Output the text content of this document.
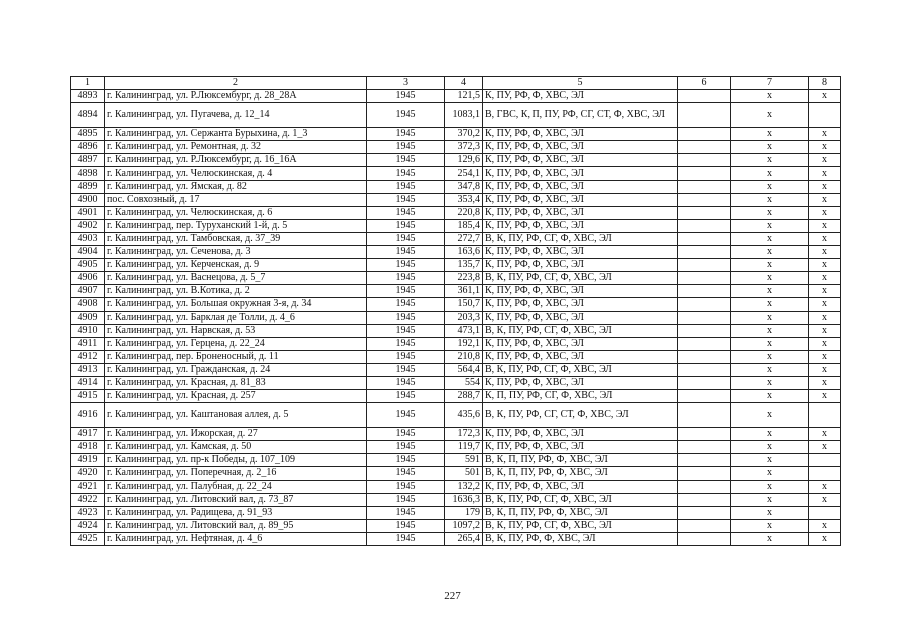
1	2	3	4	5	6	7	8
4893	г. Калининград, ул. Р.Люксембург, д. 28_28А	1945	121,5	К, ПУ, РФ, Ф, ХВС, ЭЛ		х	х
4894	г. Калининград, ул. Пугачева, д. 12_14	1945	1083,1	В, ГВС, К, П, ПУ, РФ, СГ, СТ, Ф, ХВС, ЭЛ		х	
4895	г. Калининград, ул. Сержанта Бурыхина, д. 1_3	1945	370,2	К, ПУ, РФ, Ф, ХВС, ЭЛ		х	х
4896	г. Калининград, ул. Ремонтная, д. 32	1945	372,3	К, ПУ, РФ, Ф, ХВС, ЭЛ		х	х
4897	г. Калининград, ул. Р.Люксембург, д. 16_16А	1945	129,6	К, ПУ, РФ, Ф, ХВС, ЭЛ		х	х
4898	г. Калининград, ул. Челюскинская, д. 4	1945	254,1	К, ПУ, РФ, Ф, ХВС, ЭЛ		х	х
4899	г. Калининград, ул. Ямская, д. 82	1945	347,8	К, ПУ, РФ, Ф, ХВС, ЭЛ		х	х
4900	пос. Совхозный, д. 17	1945	353,4	К, ПУ, РФ, Ф, ХВС, ЭЛ		х	х
4901	г. Калининград, ул. Челюскинская, д. 6	1945	220,8	К, ПУ, РФ, Ф, ХВС, ЭЛ		х	х
4902	г. Калининград, пер. Туруханский 1-й, д. 5	1945	185,4	К, ПУ, РФ, Ф, ХВС, ЭЛ		х	х
4903	г. Калининград, ул. Тамбовская, д. 37_39	1945	272,7	В, К, ПУ, РФ, СГ, Ф, ХВС, ЭЛ		х	х
4904	г. Калининград, ул. Сеченова, д. 3	1945	163,6	К, ПУ, РФ, Ф, ХВС, ЭЛ		х	х
4905	г. Калининград, ул. Керченская, д. 9	1945	135,7	К, ПУ, РФ, Ф, ХВС, ЭЛ		х	х
4906	г. Калининград, ул. Васнецова, д. 5_7	1945	223,8	В, К, ПУ, РФ, СГ, Ф, ХВС, ЭЛ		х	х
4907	г. Калининград, ул. В.Котика, д. 2	1945	361,1	К, ПУ, РФ, Ф, ХВС, ЭЛ		х	х
4908	г. Калининград, ул. Большая окружная 3-я, д. 34	1945	150,7	К, ПУ, РФ, Ф, ХВС, ЭЛ		х	х
4909	г. Калининград, ул. Барклая де Толли, д. 4_6	1945	203,3	К, ПУ, РФ, Ф, ХВС, ЭЛ		х	х
4910	г. Калининград, ул. Нарвская, д. 53	1945	473,1	В, К, ПУ, РФ, СГ, Ф, ХВС, ЭЛ		х	х
4911	г. Калининград, ул. Герцена, д. 22_24	1945	192,1	К, ПУ, РФ, Ф, ХВС, ЭЛ		х	х
4912	г. Калининград, пер. Броненосный, д. 11	1945	210,8	К, ПУ, РФ, Ф, ХВС, ЭЛ		х	х
4913	г. Калининград, ул. Гражданская, д. 24	1945	564,4	В, К, ПУ, РФ, СГ, Ф, ХВС, ЭЛ		х	х
4914	г. Калининград, ул. Красная, д. 81_83	1945	554	К, ПУ, РФ, Ф, ХВС, ЭЛ		х	х
4915	г. Калининград, ул. Красная, д. 257	1945	288,7	К, П, ПУ, РФ, СГ, Ф, ХВС, ЭЛ		х	х
4916	г. Калининград, ул. Каштановая аллея, д. 5	1945	435,6	В, К, ПУ, РФ, СГ, СТ, Ф, ХВС, ЭЛ		х	
4917	г. Калининград, ул. Ижорская, д. 27	1945	172,3	К, ПУ, РФ, Ф, ХВС, ЭЛ		х	х
4918	г. Калининград, ул. Камская, д. 50	1945	119,7	К, ПУ, РФ, Ф, ХВС, ЭЛ		х	х
4919	г. Калининград, ул. пр-к Победы, д. 107_109	1945	591	В, К, П, ПУ, РФ, Ф, ХВС, ЭЛ		х	
4920	г. Калининград, ул. Поперечная, д. 2_16	1945	501	В, К, П, ПУ, РФ, Ф, ХВС, ЭЛ		х	
4921	г. Калининград, ул. Палубная, д. 22_24	1945	132,2	К, ПУ, РФ, Ф, ХВС, ЭЛ		х	х
4922	г. Калининград, ул. Литовский вал, д. 73_87	1945	1636,3	В, К, ПУ, РФ, СГ, Ф, ХВС, ЭЛ		х	х
4923	г. Калининград, ул. Радищева, д. 91_93	1945	179	В, К, П, ПУ, РФ, Ф, ХВС, ЭЛ		х	
4924	г. Калининград, ул. Литовский вал, д. 89_95	1945	1097,2	В, К, ПУ, РФ, СГ, Ф, ХВС, ЭЛ		х	х
4925	г. Калининград, ул. Нефтяная, д. 4_6	1945	265,4	В, К, ПУ, РФ, Ф, ХВС, ЭЛ		х	х
227
